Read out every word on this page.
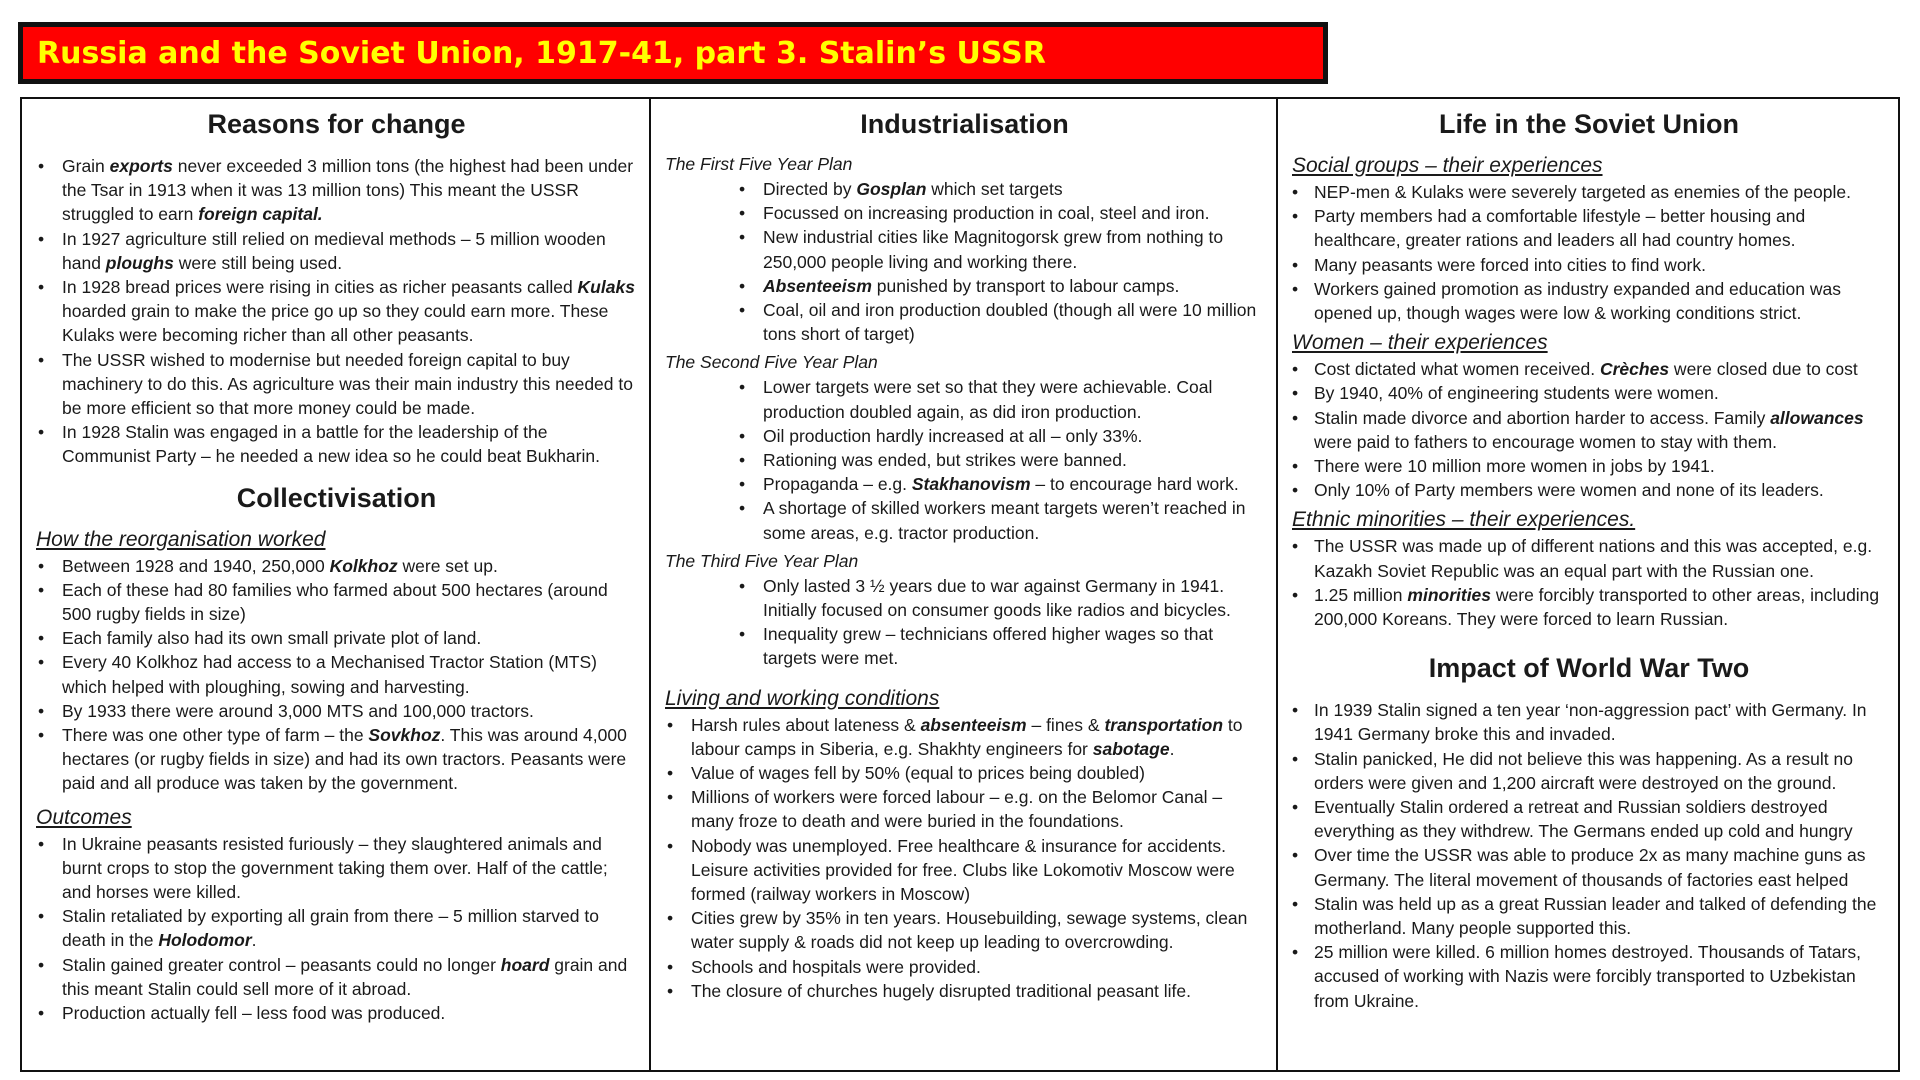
Russia and the Soviet Union, 1917-41, part 3. Stalin’s USSR
Reasons for change
• Grain exports never exceeded 3 million tons (the highest had been under the Tsar in 1913 when it was 13 million tons) This meant the USSR struggled to earn foreign capital.
• In 1927 agriculture still relied on medieval methods – 5 million wooden hand ploughs were still being used.
• In 1928 bread prices were rising in cities as richer peasants called Kulaks hoarded grain to make the price go up so they could earn more. These Kulaks were becoming richer than all other peasants.
• The USSR wished to modernise but needed foreign capital to buy machinery to do this. As agriculture was their main industry this needed to be more efficient so that more money could be made.
• In 1928 Stalin was engaged in a battle for the leadership of the Communist Party – he needed a new idea so he could beat Bukharin.
Collectivisation
How the reorganisation worked
• Between 1928 and 1940, 250,000 Kolkhoz were set up.
• Each of these had 80 families who farmed about 500 hectares (around 500 rugby fields in size)
• Each family also had its own small private plot of land.
• Every 40 Kolkhoz had access to a Mechanised Tractor Station (MTS) which helped with ploughing, sowing and harvesting.
• By 1933 there were around 3,000 MTS and 100,000 tractors.
• There was one other type of farm – the Sovkhoz. This was around 4,000 hectares (or rugby fields in size) and had its own tractors. Peasants were paid and all produce was taken by the government.
Outcomes
• In Ukraine peasants resisted furiously – they slaughtered animals and burnt crops to stop the government taking them over. Half of the cattle; and horses were killed.
• Stalin retaliated by exporting all grain from there – 5 million starved to death in the Holodomor.
• Stalin gained greater control – peasants could no longer hoard grain and this meant Stalin could sell more of it abroad.
• Production actually fell – less food was produced.
Industrialisation
The First Five Year Plan
• Directed by Gosplan which set targets
• Focussed on increasing production in coal, steel and iron.
• New industrial cities like Magnitogorsk grew from nothing to 250,000 people living and working there.
• Absenteeism punished by transport to labour camps.
• Coal, oil and iron production doubled (though all were 10 million tons short of target)
The Second Five Year Plan
• Lower targets were set so that they were achievable. Coal production doubled again, as did iron production.
• Oil production hardly increased at all – only 33%.
• Rationing was ended, but strikes were banned.
• Propaganda – e.g. Stakhanovism – to encourage hard work.
• A shortage of skilled workers meant targets weren’t reached in some areas, e.g. tractor production.
The Third Five Year Plan
• Only lasted 3 ½ years due to war against Germany in 1941. Initially focused on consumer goods like radios and bicycles.
• Inequality grew – technicians offered higher wages so that targets were met.
Living and working conditions
• Harsh rules about lateness & absenteeism – fines & transportation to labour camps in Siberia, e.g. Shakhty engineers for sabotage.
• Value of wages fell by 50% (equal to prices being doubled)
• Millions of workers were forced labour – e.g. on the Belomor Canal – many froze to death and were buried in the foundations.
• Nobody was unemployed. Free healthcare & insurance for accidents. Leisure activities provided for free. Clubs like Lokomotiv Moscow were formed (railway workers in Moscow)
• Cities grew by 35% in ten years. Housebuilding, sewage systems, clean water supply & roads did not keep up leading to overcrowding.
• Schools and hospitals were provided.
• The closure of churches hugely disrupted traditional peasant life.
Life in the Soviet Union
Social groups – their experiences
• NEP-men & Kulaks were severely targeted as enemies of the people.
• Party members had a comfortable lifestyle – better housing and healthcare, greater rations and leaders all had country homes.
• Many peasants were forced into cities to find work.
• Workers gained promotion as industry expanded and education was opened up, though wages were low & working conditions strict.
Women – their experiences
• Cost dictated what women received. Crèches were closed due to cost
• By 1940, 40% of engineering students were women.
• Stalin made divorce and abortion harder to access. Family allowances were paid to fathers to encourage women to stay with them.
• There were 10 million more women in jobs by 1941.
• Only 10% of Party members were women and none of its leaders.
Ethnic minorities – their experiences.
• The USSR was made up of different nations and this was accepted, e.g. Kazakh Soviet Republic was an equal part with the Russian one.
• 1.25 million minorities were forcibly transported to other areas, including 200,000 Koreans. They were forced to learn Russian.
Impact of World War Two
• In 1939 Stalin signed a ten year ‘non-aggression pact’ with Germany. In 1941 Germany broke this and invaded.
• Stalin panicked, He did not believe this was happening. As a result no orders were given and 1,200 aircraft were destroyed on the ground.
• Eventually Stalin ordered a retreat and Russian soldiers destroyed everything as they withdrew. The Germans ended up cold and hungry
• Over time the USSR was able to produce 2x as many machine guns as Germany. The literal movement of thousands of factories east helped
• Stalin was held up as a great Russian leader and talked of defending the motherland. Many people supported this.
• 25 million were killed. 6 million homes destroyed. Thousands of Tatars, accused of working with Nazis were forcibly transported to Uzbekistan from Ukraine.
